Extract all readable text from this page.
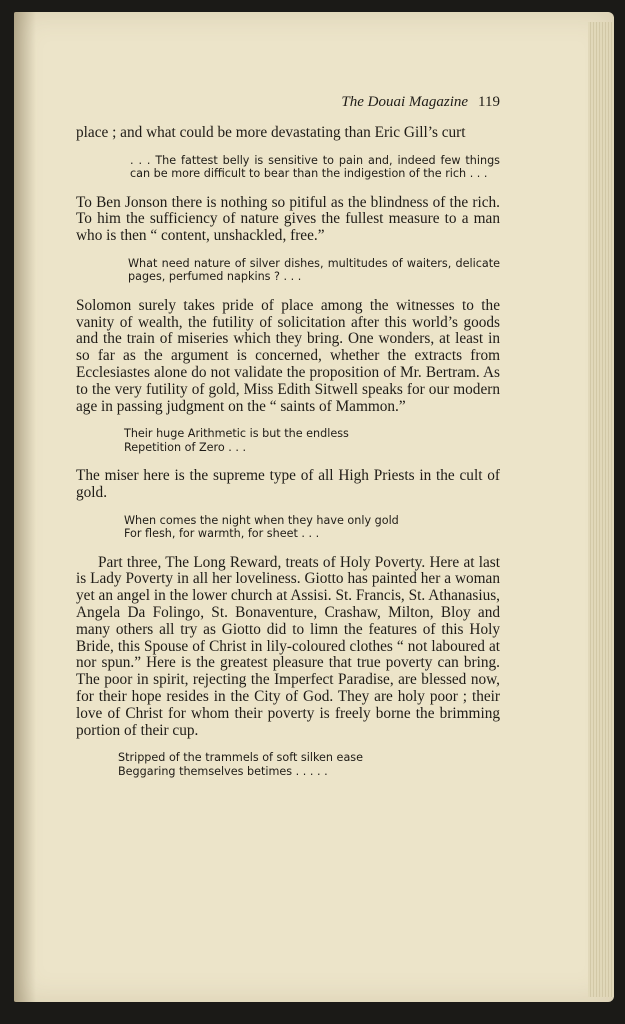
The Douai Magazine 119

place ; and what could be more devastating than Eric Gill’s curt

. . . The fattest belly is sensitive to pain and, indeed few things can be more difficult to bear than the indigestion of the rich . . .

To Ben Jonson there is nothing so pitiful as the blindness of the rich. To him the sufficiency of nature gives the fullest measure to a man who is then “ content, unshackled, free.”

What need nature of silver dishes, multitudes of waiters, delicate pages, perfumed napkins ? . . .

Solomon surely takes pride of place among the witnesses to the vanity of wealth, the futility of solicitation after this world’s goods and the train of miseries which they bring. One wonders, at least in so far as the argument is concerned, whether the extracts from Ecclesiastes alone do not validate the proposition of Mr. Bertram. As to the very futility of gold, Miss Edith Sitwell speaks for our modern age in passing judgment on the “ saints of Mammon.”

Their huge Arithmetic is but the endless
Repetition of Zero . . .

The miser here is the supreme type of all High Priests in the cult of gold.

When comes the night when they have only gold
For flesh, for warmth, for sheet . . .

Part three, The Long Reward, treats of Holy Poverty. Here at last is Lady Poverty in all her loveliness. Giotto has painted her a woman yet an angel in the lower church at Assisi. St. Francis, St. Athanasius, Angela Da Folingo, St. Bonaventure, Crashaw, Milton, Bloy and many others all try as Giotto did to limn the features of this Holy Bride, this Spouse of Christ in lily-coloured clothes “ not laboured at nor spun.” Here is the greatest pleasure that true poverty can bring. The poor in spirit, rejecting the Imperfect Paradise, are blessed now, for their hope resides in the City of God. They are holy poor ; their love of Christ for whom their poverty is freely borne the brimming portion of their cup.

Stripped of the trammels of soft silken ease
Beggaring themselves betimes . . . . .
